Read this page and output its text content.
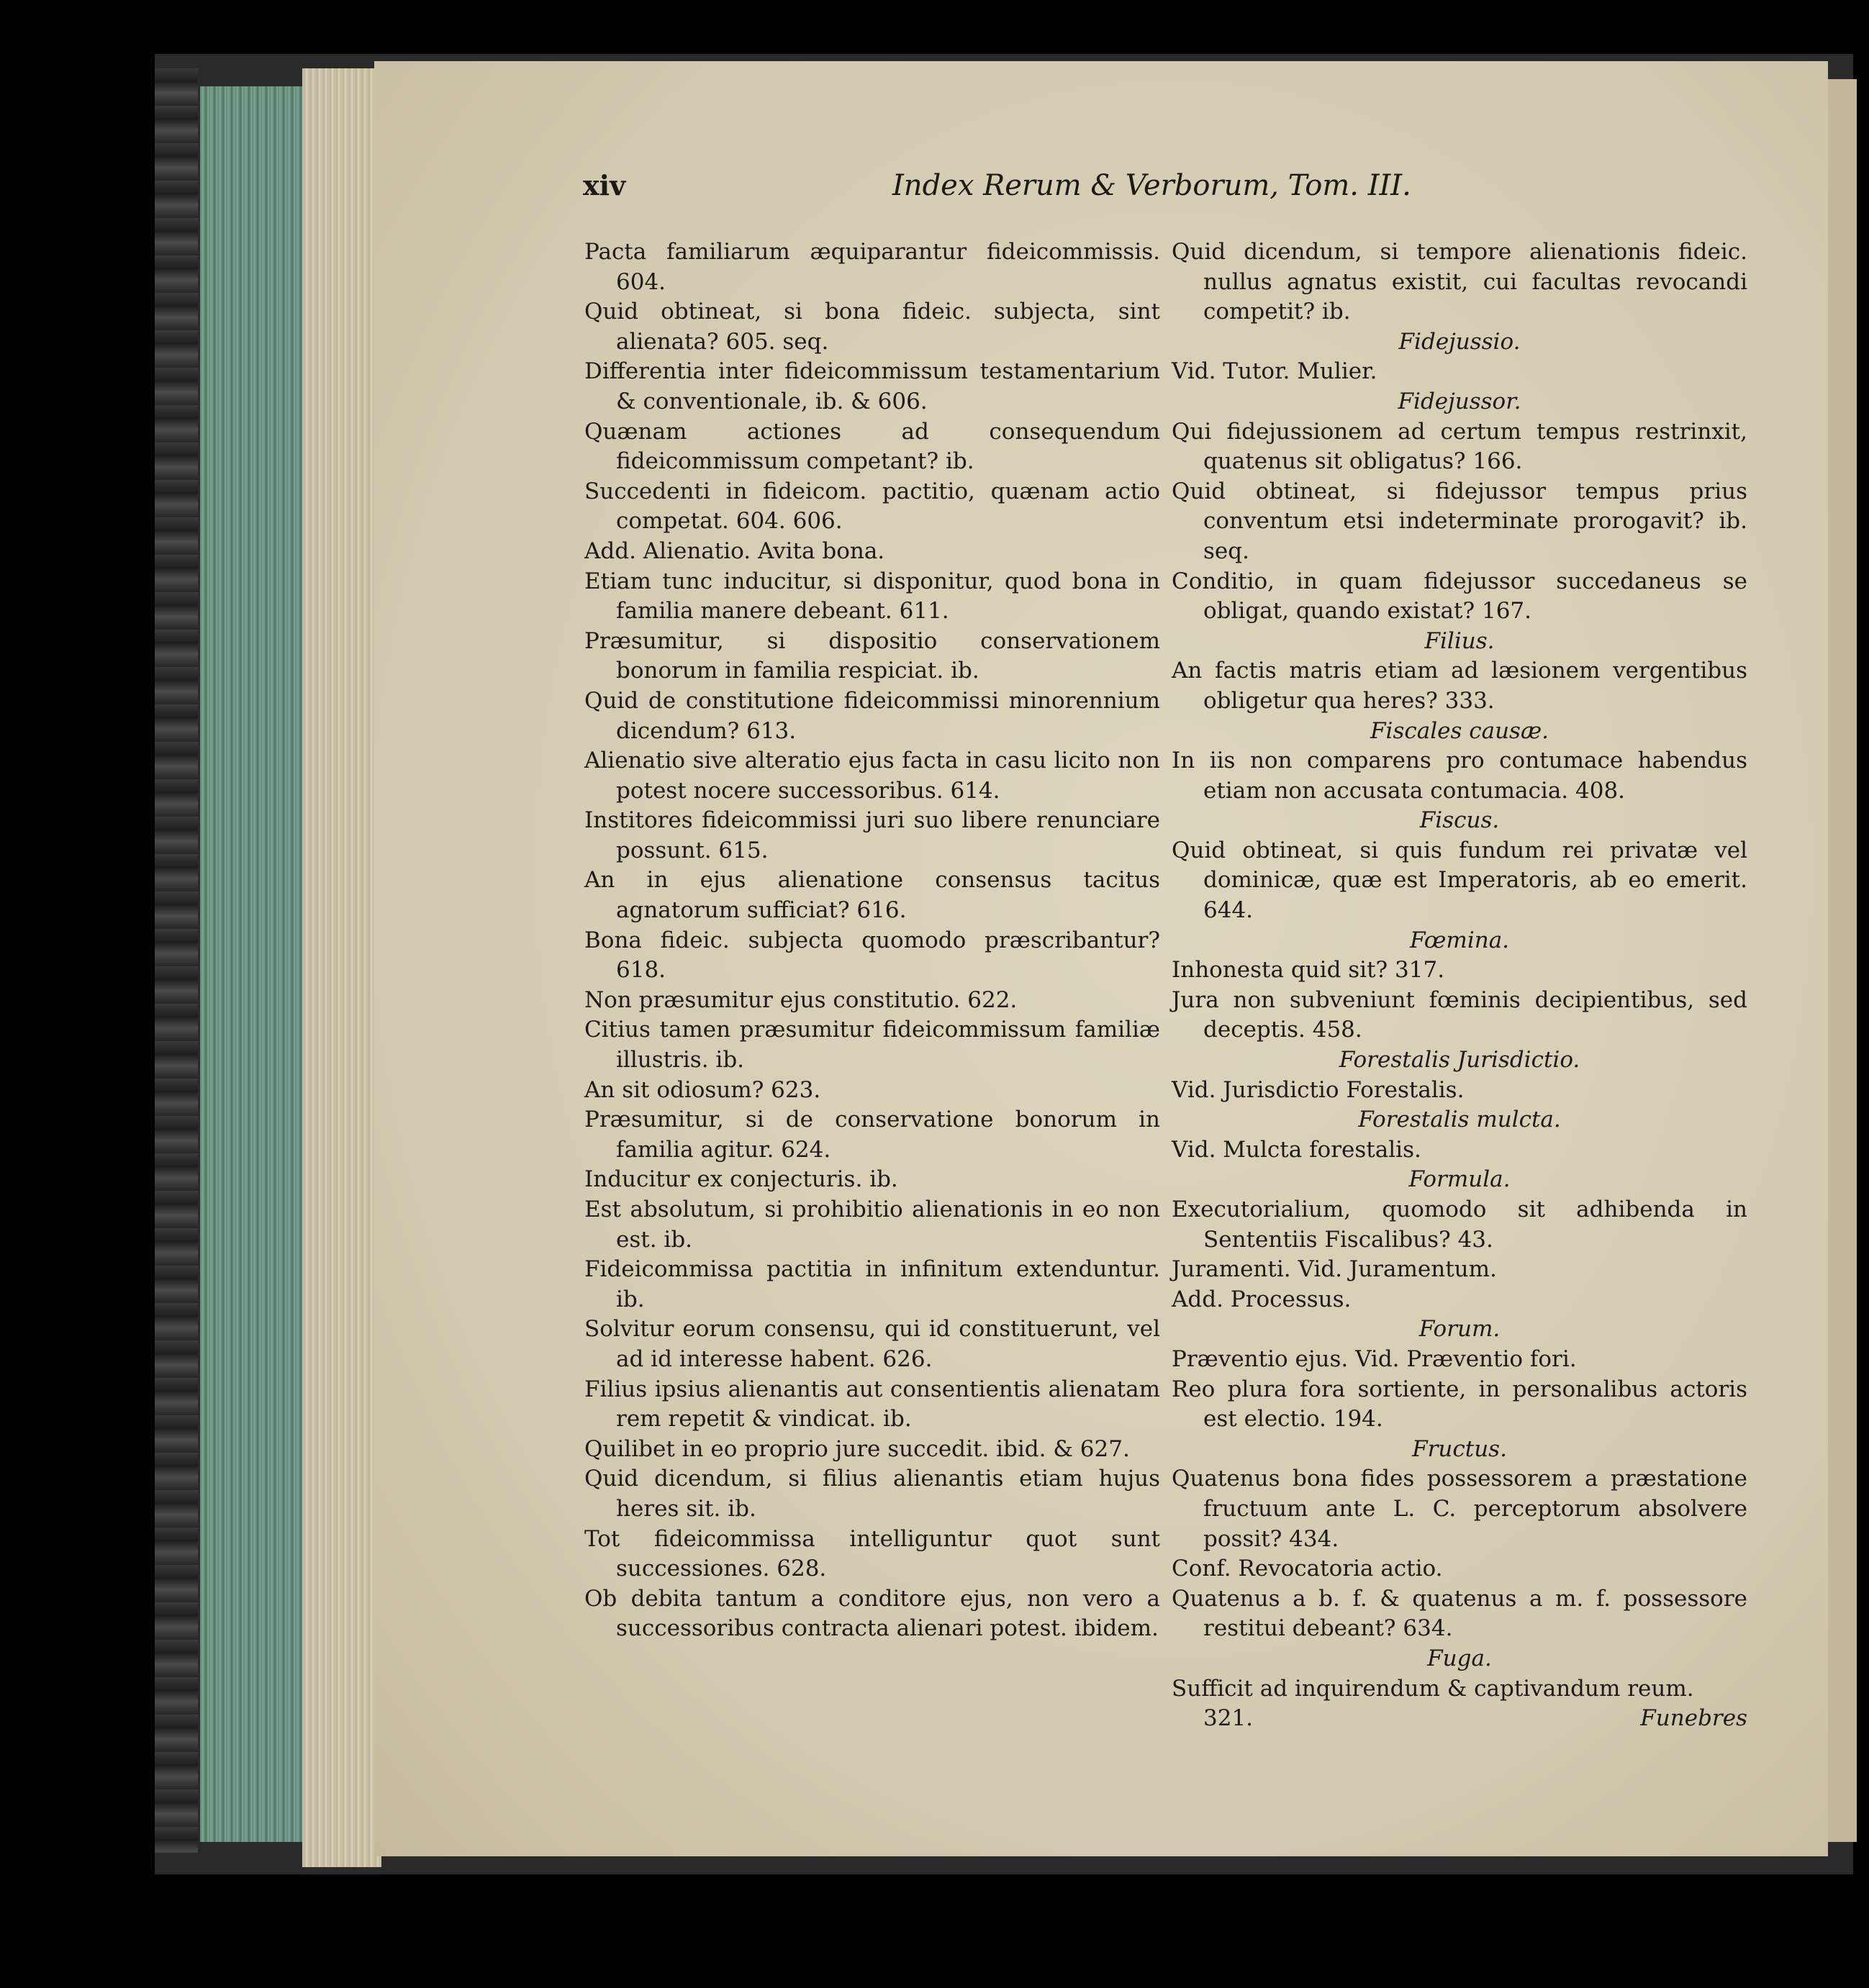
xiv	Index Rerum & Verborum, Tom. III.

Pacta familiarum æquiparantur fideicommissis. 604.

Quid obtineat, si bona fideic. subjecta, sint alienata? 605. seq.

Differentia inter fideicommissum testamentarium & conventionale, ib. & 606.

Quænam actiones ad consequendum fideicommissum competant? ib.

Succedenti in fideicom. pactitio, quænam actio competat. 604. 606.

Add. Alienatio. Avita bona.

Etiam tunc inducitur, si disponitur, quod bona in familia manere debeant. 611.

Præsumitur, si dispositio conservationem bonorum in familia respiciat. ib.

Quid de constitutione fideicommissi minorennium dicendum? 613.

Alienatio sive alteratio ejus facta in casu licito non potest nocere successoribus. 614.

Institores fideicommissi juri suo libere renunciare possunt. 615.

An in ejus alienatione consensus tacitus agnatorum sufficiat? 616.

Bona fideic. subjecta quomodo præscribantur? 618.

Non præsumitur ejus constitutio. 622.

Citius tamen præsumitur fideicommissum familiæ illustris. ib.

An sit odiosum? 623.

Præsumitur, si de conservatione bonorum in familia agitur. 624.

Inducitur ex conjecturis. ib.

Est absolutum, si prohibitio alienationis in eo non est. ib.

Fideicommissa pactitia in infinitum extenduntur. ib.

Solvitur eorum consensu, qui id constituerunt, vel ad id interesse habent. 626.

Filius ipsius alienantis aut consentientis alienatam rem repetit & vindicat. ib.

Quilibet in eo proprio jure succedit. ibid. & 627.

Quid dicendum, si filius alienantis etiam hujus heres sit. ib.

Tot fideicommissa intelliguntur quot sunt successiones. 628.

Ob debita tantum a conditore ejus, non vero a successoribus contracta alienari potest. ibidem.

Quid dicendum, si tempore alienationis fideic. nullus agnatus existit, cui facultas revocandi competit? ib.

Fidejussio.

Vid. Tutor. Mulier.

Fidejussor.

Qui fidejussionem ad certum tempus restrinxit, quatenus sit obligatus? 166.

Quid obtineat, si fidejussor tempus prius conventum etsi indeterminate prorogavit? ib. seq.

Conditio, in quam fidejussor succedaneus se obligat, quando existat? 167.

Filius.

An factis matris etiam ad læsionem vergentibus obligetur qua heres? 333.

Fiscales causæ.

In iis non comparens pro contumace habendus etiam non accusata contumacia. 408.

Fiscus.

Quid obtineat, si quis fundum rei privatæ vel dominicæ, quæ est Imperatoris, ab eo emerit. 644.

Fœmina.

Inhonesta quid sit? 317.

Jura non subveniunt fœminis decipientibus, sed deceptis. 458.

Forestalis Jurisdictio.

Vid. Jurisdictio Forestalis.

Forestalis mulcta.

Vid. Mulcta forestalis.

Formula.

Executorialium, quomodo sit adhibenda in Sententiis Fiscalibus? 43.

Juramenti. Vid. Juramentum.

Add. Processus.

Forum.

Præventio ejus. Vid. Præventio fori.

Reo plura fora sortiente, in personalibus actoris est electio. 194.

Fructus.

Quatenus bona fides possessorem a præstatione fructuum ante L. C. perceptorum absolvere possit? 434.

Conf. Revocatoria actio.

Quatenus a b. f. & quatenus a m. f. possessore restitui debeant? 634.

Fuga.

Sufficit ad inquirendum & captivandum reum.

321.	Funebres
